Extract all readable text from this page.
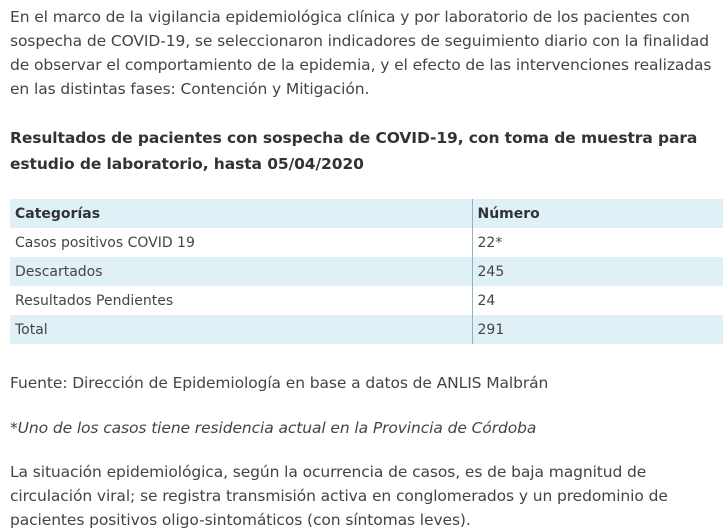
En el marco de la vigilancia epidemiológica clínica y por laboratorio de los pacientes con sospecha de COVID-19, se seleccionaron indicadores de seguimiento diario con la finalidad de observar el comportamiento de la epidemia, y el efecto de las intervenciones realizadas en las distintas fases: Contención y Mitigación.

Resultados de pacientes con sospecha de COVID-19, con toma de muestra para estudio de laboratorio, hasta 05/04/2020

Categorías	Número
Casos positivos COVID 19	22*
Descartados	245
Resultados Pendientes	24
Total	291

Fuente: Dirección de Epidemiología en base a datos de ANLIS Malbrán

*Uno de los casos tiene residencia actual en la Provincia de Córdoba

La situación epidemiológica, según la ocurrencia de casos, es de baja magnitud de circulación viral; se registra transmisión activa en conglomerados y un predominio de pacientes positivos oligo-sintomáticos (con síntomas leves).
